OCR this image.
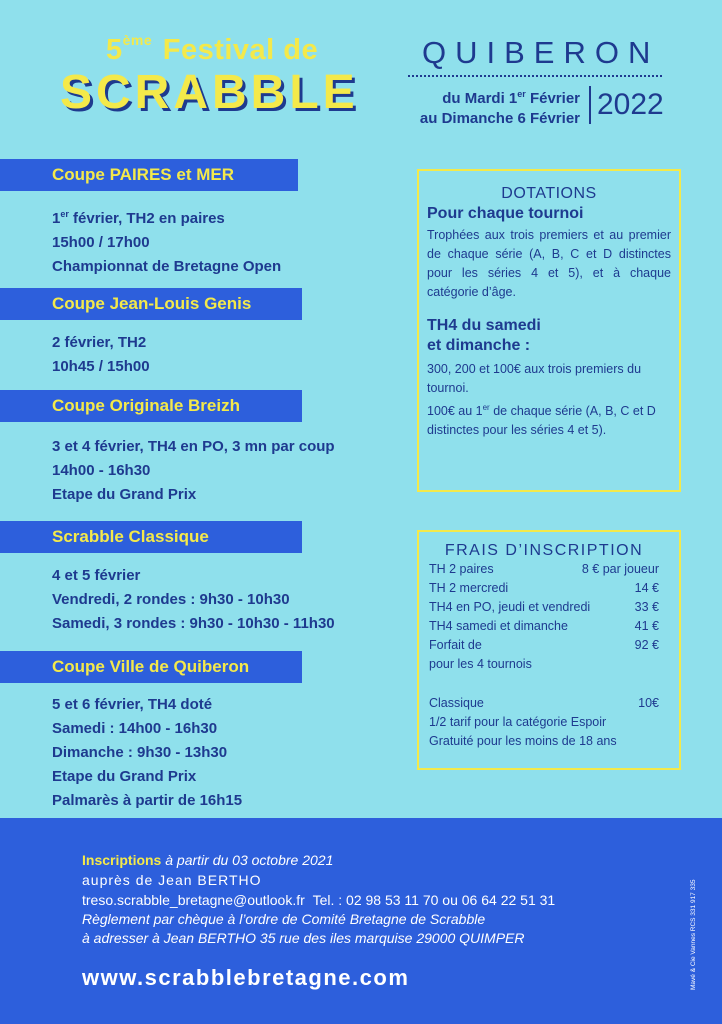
5ème Festival de
SCRABBLE
QUIBERON
du Mardi 1er Février
au Dimanche 6 Février 2022
Coupe PAIRES et MER
1er février, TH2 en paires
15h00 / 17h00
Championnat de Bretagne Open
Coupe Jean-Louis Genis
2 février, TH2
10h45 / 15h00
Coupe Originale Breizh
3 et 4 février, TH4 en PO, 3 mn par coup
14h00 - 16h30
Etape du Grand Prix
Scrabble Classique
4 et 5 février
Vendredi, 2 rondes : 9h30 - 10h30
Samedi, 3 rondes : 9h30 - 10h30 - 11h30
Coupe Ville de Quiberon
5 et 6 février, TH4 doté
Samedi : 14h00 - 16h30
Dimanche : 9h30 - 13h30
Etape du Grand Prix
Palmarès à partir de 16h15
DOTATIONS
Pour chaque tournoi
Trophées aux trois premiers et au premier de chaque série (A, B, C et D distinctes pour les séries 4 et 5), et à chaque catégorie d’âge.
TH4 du samedi
et dimanche :
300, 200 et 100€ aux trois premiers du tournoi.
100€ au 1er de chaque série (A, B, C et D distinctes pour les séries 4 et 5).
FRAIS D’INSCRIPTION
TH 2 paires	8 € par joueur
TH 2 mercredi	14 €
TH4 en PO, jeudi et vendredi	33 €
TH4 samedi et dimanche	41 €
Forfait de	92 €
pour les 4 tournois
Classique	10€
1/2 tarif pour la catégorie Espoir
Gratuité pour les moins de 18 ans
Inscriptions à partir du 03 octobre 2021
auprès de Jean BERTHO
treso.scrabble_bretagne@outlook.fr Tel. : 02 98 53 11 70 ou 06 64 22 51 31
Règlement par chèque à l’ordre de Comité Bretagne de Scrabble
à adresser à Jean BERTHO 35 rue des iles marquise 29000 QUIMPER
www.scrabblebretagne.com	Mavé & Cie Vannes RCS 331 917 335
